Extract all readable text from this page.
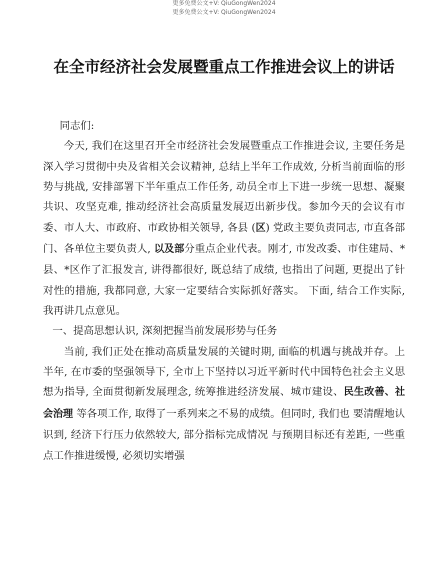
更多免费公文+V: QiuGongWen2024
更多免费公文+V: QiuGongWen2024
在全市经济社会发展暨重点工作推进会议上的讲话

同志们:

今天, 我们在这里召开全市经济社会发展暨重点工作推进会议, 主要任务是深入学习贯彻中央及省相关会议精神, 总结上半年工作成效, 分析当前面临的形势与挑战, 安排部署下半年重点工作任务, 动员全市上下进一步统一思想、凝聚共识、攻坚克难, 推动经济社会高质量发展迈出新步伐。参加今天的会议有市委、市人大、市政府、市政协相关领导, 各县 (区) 党政主要负责同志, 市直各部门、各单位主要负责人, 以及部分重点企业代表。刚才, 市发改委、市住建局、*县、*区作了汇报发言, 讲得都很好, 既总结了成绩, 也指出了问题, 更提出了针对性的措施, 我都同意, 大家一定要结合实际抓好落实。 下面, 结合工作实际, 我再讲几点意见。

一、提高思想认识, 深刻把握当前发展形势与任务

当前, 我们正处在推动高质量发展的关键时期, 面临的机遇与挑战并存。上半年, 在市委的坚强领导下, 全市上下坚持以习近平新时代中国特色社会主义思想为指导, 全面贯彻新发展理念, 统筹推进经济发展、城市建设、民生改善、社会治理 等各项工作, 取得了一系列来之不易的成绩。但同时, 我们也 要清醒地认识到, 经济下行压力依然较大, 部分指标完成情况 与预期目标还有差距, 一些重点工作推进缓慢, 必须切实增强
